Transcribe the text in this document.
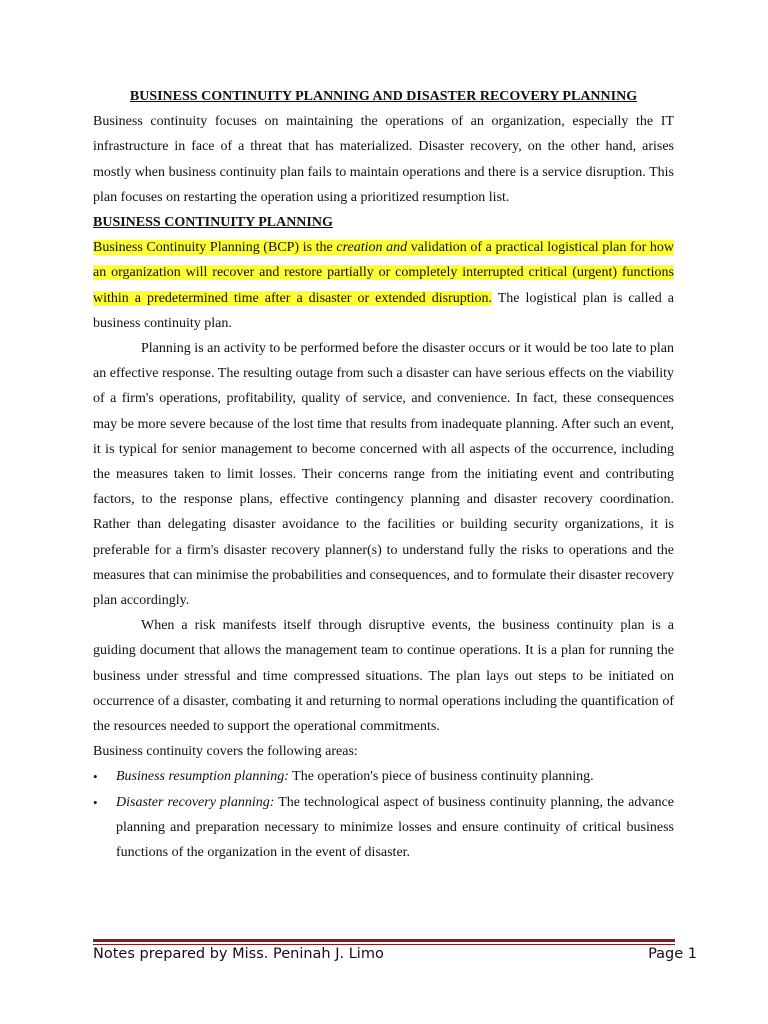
BUSINESS CONTINUITY PLANNING AND DISASTER RECOVERY PLANNING

Business continuity focuses on maintaining the operations of an organization, especially the IT infrastructure in face of a threat that has materialized. Disaster recovery, on the other hand, arises mostly when business continuity plan fails to maintain operations and there is a service disruption. This plan focuses on restarting the operation using a prioritized resumption list.

BUSINESS CONTINUITY PLANNING

Business Continuity Planning (BCP) is the creation and validation of a practical logistical plan for how an organization will recover and restore partially or completely interrupted critical (urgent) functions within a predetermined time after a disaster or extended disruption. The logistical plan is called a business continuity plan.

Planning is an activity to be performed before the disaster occurs or it would be too late to plan an effective response. The resulting outage from such a disaster can have serious effects on the viability of a firm's operations, profitability, quality of service, and convenience. In fact, these consequences may be more severe because of the lost time that results from inadequate planning. After such an event, it is typical for senior management to become concerned with all aspects of the occurrence, including the measures taken to limit losses. Their concerns range from the initiating event and contributing factors, to the response plans, effective contingency planning and disaster recovery coordination. Rather than delegating disaster avoidance to the facilities or building security organizations, it is preferable for a firm's disaster recovery planner(s) to understand fully the risks to operations and the measures that can minimise the probabilities and consequences, and to formulate their disaster recovery plan accordingly.

When a risk manifests itself through disruptive events, the business continuity plan is a guiding document that allows the management team to continue operations. It is a plan for running the business under stressful and time compressed situations. The plan lays out steps to be initiated on occurrence of a disaster, combating it and returning to normal operations including the quantification of the resources needed to support the operational commitments.

Business continuity covers the following areas:

• Business resumption planning: The operation's piece of business continuity planning.
• Disaster recovery planning: The technological aspect of business continuity planning, the advance planning and preparation necessary to minimize losses and ensure continuity of critical business functions of the organization in the event of disaster.
Notes prepared by Miss. Peninah J. Limo	Page 1
